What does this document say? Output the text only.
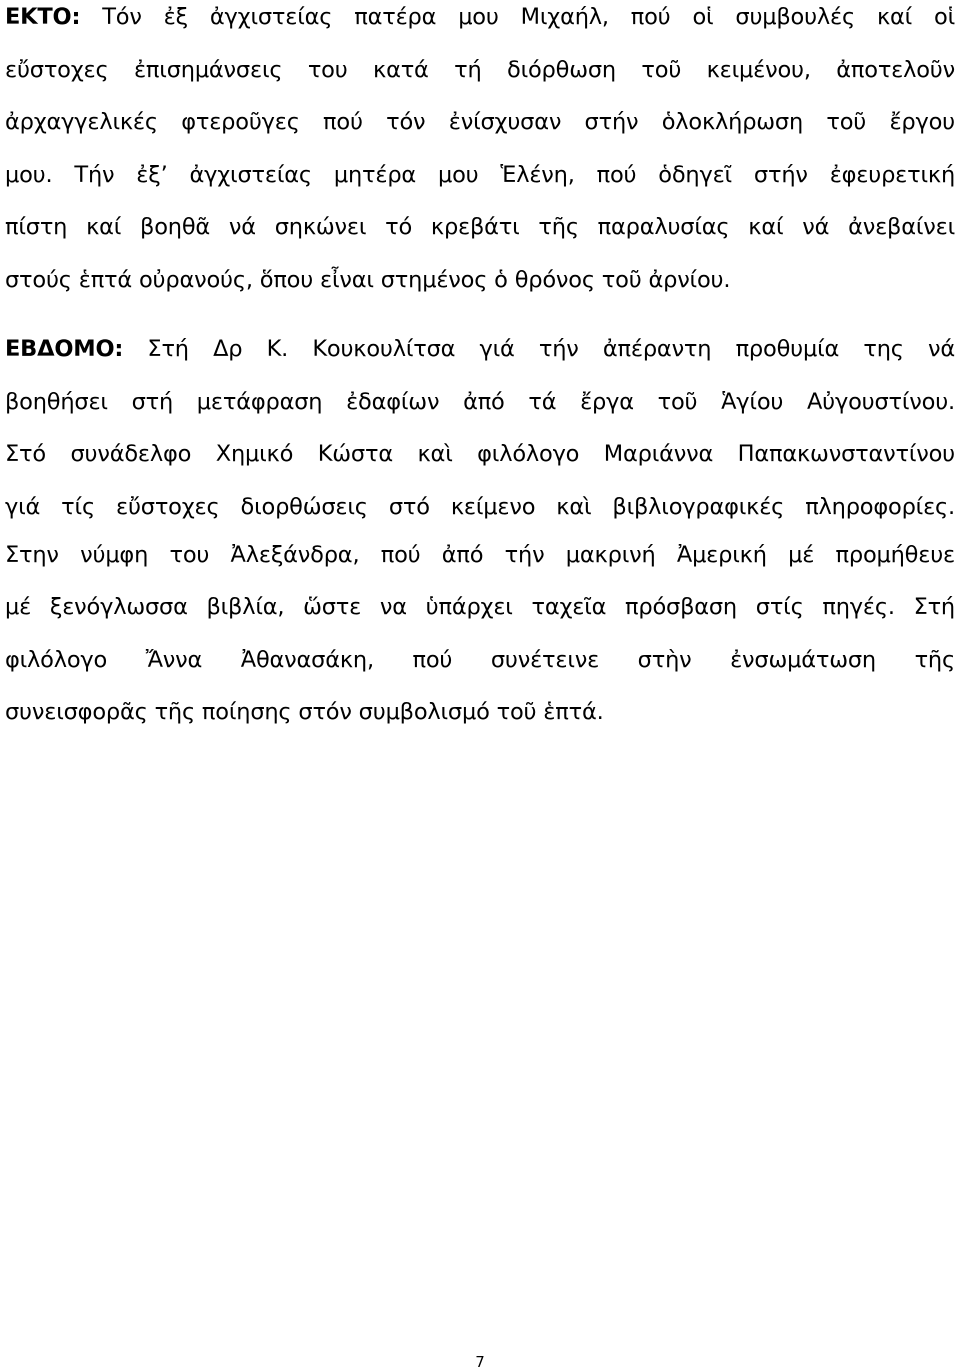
ΕΚΤΟ: Τόν ἐξ ἀγχιστείας πατέρα μου Μιχαήλ, πού οἱ συμβουλές καί οἱ
εὔστοχες ἐπισημάνσεις του κατά τή διόρθωση τοῦ κειμένου, ἀποτελοῦν
ἀρχαγγελικές φτεροῦγες πού τόν ἐνίσχυσαν στήν ὁλοκλήρωση τοῦ ἔργου
μου. Τήν ἐξ’ ἀγχιστείας μητέρα μου Ἑλένη, πού ὁδηγεῖ στήν ἐφευρετική
πίστη καί βοηθᾶ νά σηκώνει τό κρεβάτι τῆς παραλυσίας καί νά ἀνεβαίνει
στούς ἑπτά οὐρανούς, ὅπου εἶναι στημένος ὁ θρόνος τοῦ ἀρνίου.
ΕΒΔΟΜΟ: Στή Δρ Κ. Κουκουλίτσα γιά τήν ἀπέραντη προθυμία της νά
βοηθήσει στή μετάφραση ἐδαφίων ἀπό τά ἔργα τοῦ Ἁγίου Αὐγουστίνου.
Στό συνάδελφο Χημικό Κώστα καὶ φιλόλογο Μαριάννα Παπακωνσταντίνου
γιά τίς εὔστοχες διορθώσεις στό κείμενο καὶ βιβλιογραφικές πληροφορίες.
Στην νύμφη του Ἀλεξάνδρα, πού ἀπό τήν μακρινή Ἀμερική μέ προμήθευε
μέ ξενόγλωσσα βιβλία, ὥστε να ὑπάρχει ταχεῖα πρόσβαση στίς πηγές. Στή
φιλόλογο Ἄννα Ἀθανασάκη, πού συνέτεινε στὴν ἐνσωμάτωση τῆς
συνεισφορᾶς τῆς ποίησης στόν συμβολισμό τοῦ ἑπτά.
7
